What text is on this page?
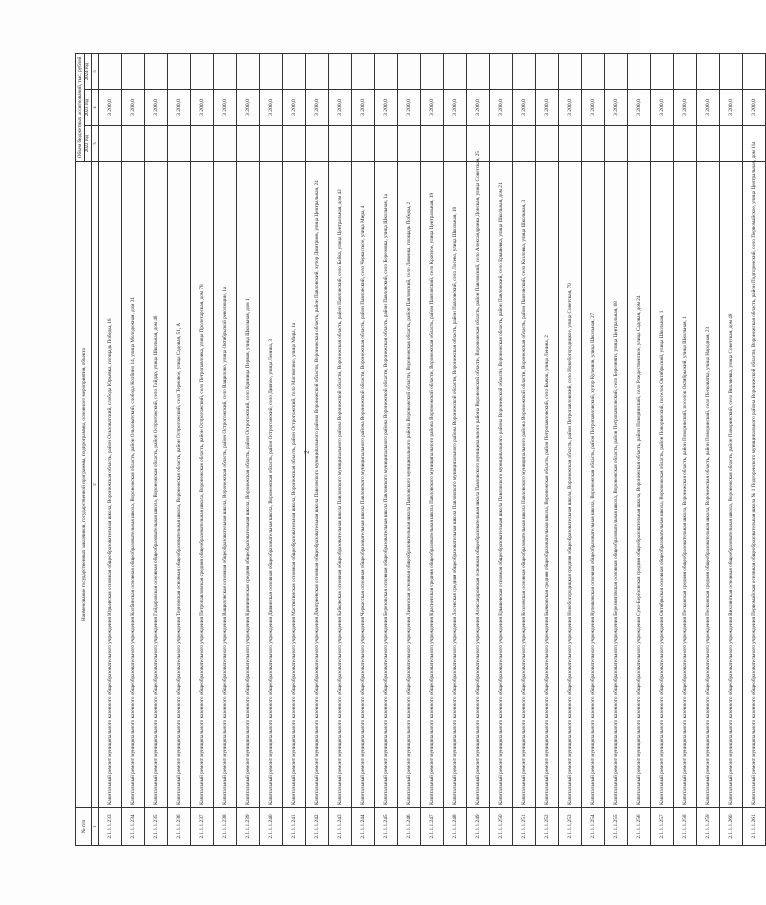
2
№ п/п	Наименование государственных заказчиков, государственной программы, подпрограммы, основного мероприятия, объекта	Объем бюджетных ассигнований, тыс. рублей		
		2022 год	2023 год	2024 год
1	2	3	4	5
2.1.1.1.233	Капитальный ремонт муниципального казенного общеобразовательного учреждения Юрьевская основная общеобразовательная школа, Воронежская область, район Ольховатский, слобода Юрьевка, площадь Победы, 18		3 200,0	
2.1.1.1.234	Капитальный ремонт муниципального казенного общеобразовательного учреждения Колбинская основная общеобразовательная школа, Воронежская область, район Ольховатский, слобода Колбино 14, улица Молодежная, дом 31		3 200,0	
2.1.1.1.235	Капитальный ремонт муниципального казенного общеобразовательного учреждения Гайдаровская основная общеобразовательная школа, Воронежская область, район Острогожский, село Гайдар, улица Школьная, дом 48		3 200,0	
2.1.1.1.236	Капитальный ремонт муниципального казенного общеобразовательного учреждения Терновская основная общеобразовательная школа, Воронежская область, район Острогожский, село Терновое, улица Садовая, 51, А		3 200,0	
2.1.1.1.237	Капитальный ремонт муниципального казенного общеобразовательного учреждения Петропавловская средняя общеобразовательная школа, Воронежская область, район Острогожский, село Петропавловка, улица Пролетарская, дом 78		3 200,0	
2.1.1.1.238	Капитальный ремонт муниципального казенного общеобразовательного учреждения Ващиловская основная общеобразовательная школа, Воронежская область, район Острогожский, село Ващилово, улица Октябрьской революции, 1а		3 200,0	
2.1.1.1.239	Капитальный ремонт муниципального казенного общеобразовательного учреждения Криниченская средняя общеобразовательная школа, Воронежская область, район Острогожский, село Криница Первая, улица Школьная, дом 1		3 200,0	
2.1.1.1.240	Капитальный ремонт муниципального казенного общеобразовательного учреждения Дивинская основная общеобразовательная школа, Воронежская область, район Острогожский, село Дивное, улица Ленина, 3		3 200,0	
2.1.1.1.241	Капитальный ремонт муниципального казенного общеобразовательного учреждения Мастюгинская основная общеобразовательная школа, Воронежская область, район Острогожский, село Мастюгино, улица Мира, 1а		3 200,0	
2.1.1.1.242	Капитальный ремонт муниципального казенного общеобразовательного учреждения Дмитриевская основная общеобразовательная школа Павловского муниципального района Воронежской области, Воронежская область, район Павловский, хутор Дмитриев, улица Центральная, 24		3 200,0	
2.1.1.1.243	Капитальный ремонт муниципального казенного общеобразовательного учреждения Бабковская основная общеобразовательная школа Павловского муниципального района Воронежской области, Воронежская область, район Павловский, село Бабка, улица Центральная, дом 42		3 200,0	
2.1.1.1.244	Капитальный ремонт муниципального казенного общеобразовательного учреждения Черкасская основная общеобразовательная школа Павловского муниципального района Воронежской области, Воронежская область, район Павловский, село Черкасское, улица Мира, 4		3 200,0	
2.1.1.1.245	Капитальный ремонт муниципального казенного общеобразовательного учреждения Березовская основная общеобразовательная школа Павловского муниципального района Воронежской области, Воронежская область, район Павловский, село Березовка, улица Школьная, 1а		3 200,0	
2.1.1.1.246	Капитальный ремонт муниципального казенного общеобразовательного учреждения Ливенская основная общеобразовательная школа Павловского муниципального района Воронежской области, Воронежская область, район Павловский, село Ливенка, площадь Победы, 2		3 200,0	
2.1.1.1.247	Капитальный ремонт муниципального казенного общеобразовательного учреждения Красненская средняя общеобразовательная школа Павловского муниципального района Воронежской области, Воронежская область, район Павловский, село Красное, улица Центральная, 19		3 200,0	
2.1.1.1.248	Капитальный ремонт муниципального казенного общеобразовательного учреждения Лосевская средняя общеобразовательная школа Павловского муниципального района Воронежской области, Воронежская область, район Павловский, село Лосево, улица Школьная, 18		3 200,0	
2.1.1.1.249	Капитальный ремонт муниципального казенного общеобразовательного учреждения Александровская основная общеобразовательная школа Павловского муниципального района Воронежской области, Воронежская область, район Павловский, село Александровка Донская, улица Советская, 25		3 200,0	
2.1.1.1.250	Капитальный ремонт муниципального казенного общеобразовательного учреждения Ерышевская основная общеобразовательная школа Павловского муниципального района Воронежской области, Воронежская область, район Павловский, село Ерышевка, улица Школьная, дом 21		3 200,0	
2.1.1.1.251	Капитальный ремонт муниципального казенного общеобразовательного учреждения Козловская основная общеобразовательная школа Павловского муниципального района Воронежской области, Воронежская область, район Павловский, село Козловка, улица Школьная, 3		3 200,0	
2.1.1.1.252	Капитальный ремонт муниципального казенного общеобразовательного учреждения Бычковская средняя общеобразовательная школа, Воронежская область, район Петропавловский, село Бычок, улица Ленина, 2		3 200,0	
2.1.1.1.253	Капитальный ремонт муниципального казенного общеобразовательного учреждения Новобогородицкая средняя общеобразовательная школа, Воронежская область, район Петропавловский, село Новобогородицкое, улица Советская, 70		3 200,0	
2.1.1.1.254	Капитальный ремонт муниципального казенного общеобразовательного учреждения Кулешовская основная общеобразовательная школа, Воронежская область, район Петропавловский, хутор Кулешов, улица Школьная, 27		3 200,0	
2.1.1.1.255	Капитальный ремонт муниципального казенного общеобразовательного учреждения Березняговская основная общеобразовательная школа, Воронежская область, район Петропавловский, село Березняги, улица Центральная, 68		3 200,0	
2.1.1.1.256	Капитальный ремонт муниципального казенного общеобразовательного учреждения Сухо-Берёзовская средняя общеобразовательная школа, Воронежская область, район Поворинский, село Рождественское, улица Садовая, дом 24		3 200,0	
2.1.1.1.257	Капитальный ремонт муниципального казенного общеобразовательного учреждения Октябрьская основная общеобразовательная школа, Воронежская область, район Поворинский, поселок Октябрьский, улица Школьная, 1		3 200,0	
2.1.1.1.258	Капитальный ремонт муниципального казенного общеобразовательного учреждения Песковская средняя общеобразовательная школа, Воронежская область, район Поворинский, поселок Октябрьский, улица Школьная, 1		3 200,0	
2.1.1.1.259	Капитальный ремонт муниципального казенного общеобразовательного учреждения Песковская средняя общеобразовательная школа, Воронежская область, район Поворинский, село Песковатка, улица Народная, 23		3 200,0	
2.1.1.1.260	Капитальный ремонт муниципального казенного общеобразовательного учреждения Вихлянская основная общеобразовательная школа, Воронежская область, район Поворинский, село Вихляевка, улица Советская, дом 48		3 200,0	
2.1.1.1.261	Капитальный ремонт муниципального казенного общеобразовательного учреждения Первомайская основная общеобразовательная школа № 1 Подгоренского муниципального района Воронежской области, Воронежская область, район Подгоренский, село Первомайское, улица Центральная, дом 11а		3 200,0	
